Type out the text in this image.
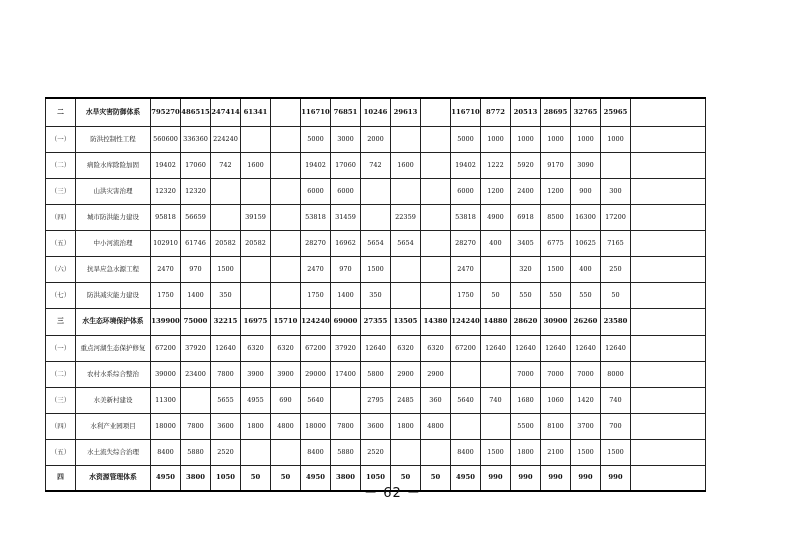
二	水旱灾害防御体系	795270	486515	247414	61341		116710	76851	10246	29613		116710	8772	20513	28695	32765	25965	
（一）	防洪控制性工程	560600	336360	224240			5000	3000	2000			5000	1000	1000	1000	1000	1000	
（二）	病险水库除险加固	19402	17060	742	1600		19402	17060	742	1600		19402	1222	5920	9170	3090		
（三）	山洪灾害治理	12320	12320				6000	6000				6000	1200	2400	1200	900	300	
（四）	城市防洪能力建设	95818	56659		39159		53818	31459		22359		53818	4900	6918	8500	16300	17200	
（五）	中小河流治理	102910	61746	20582	20582		28270	16962	5654	5654		28270	400	3405	6775	10625	7165	
（六）	抗旱应急水源工程	2470	970	1500			2470	970	1500			2470		320	1500	400	250	
（七）	防洪减灾能力建设	1750	1400	350			1750	1400	350			1750	50	550	550	550	50	
三	水生态环境保护体系	139900	75000	32215	16975	15710	124240	69000	27355	13505	14380	124240	14880	28620	30900	26260	23580	
（一）	重点河湖生态保护修复	67200	37920	12640	6320	6320	67200	37920	12640	6320	6320	67200	12640	12640	12640	12640	12640	
（二）	农村水系综合整治	39000	23400	7800	3900	3900	29000	17400	5800	2900	2900			7000	7000	7000	8000	
（三）	水美新村建设	11300		5655	4955	690	5640		2795	2485	360	5640	740	1680	1060	1420	740	
（四）	水利产业园项目	18000	7800	3600	1800	4800	18000	7800	3600	1800	4800			5500	8100	3700	700	
（五）	水土流失综合治理	8400	5880	2520			8400	5880	2520			8400	1500	1800	2100	1500	1500	
四	水资源管理体系	4950	3800	1050	50	50	4950	3800	1050	50	50	4950	990	990	990	990	990	
－ 62 －
